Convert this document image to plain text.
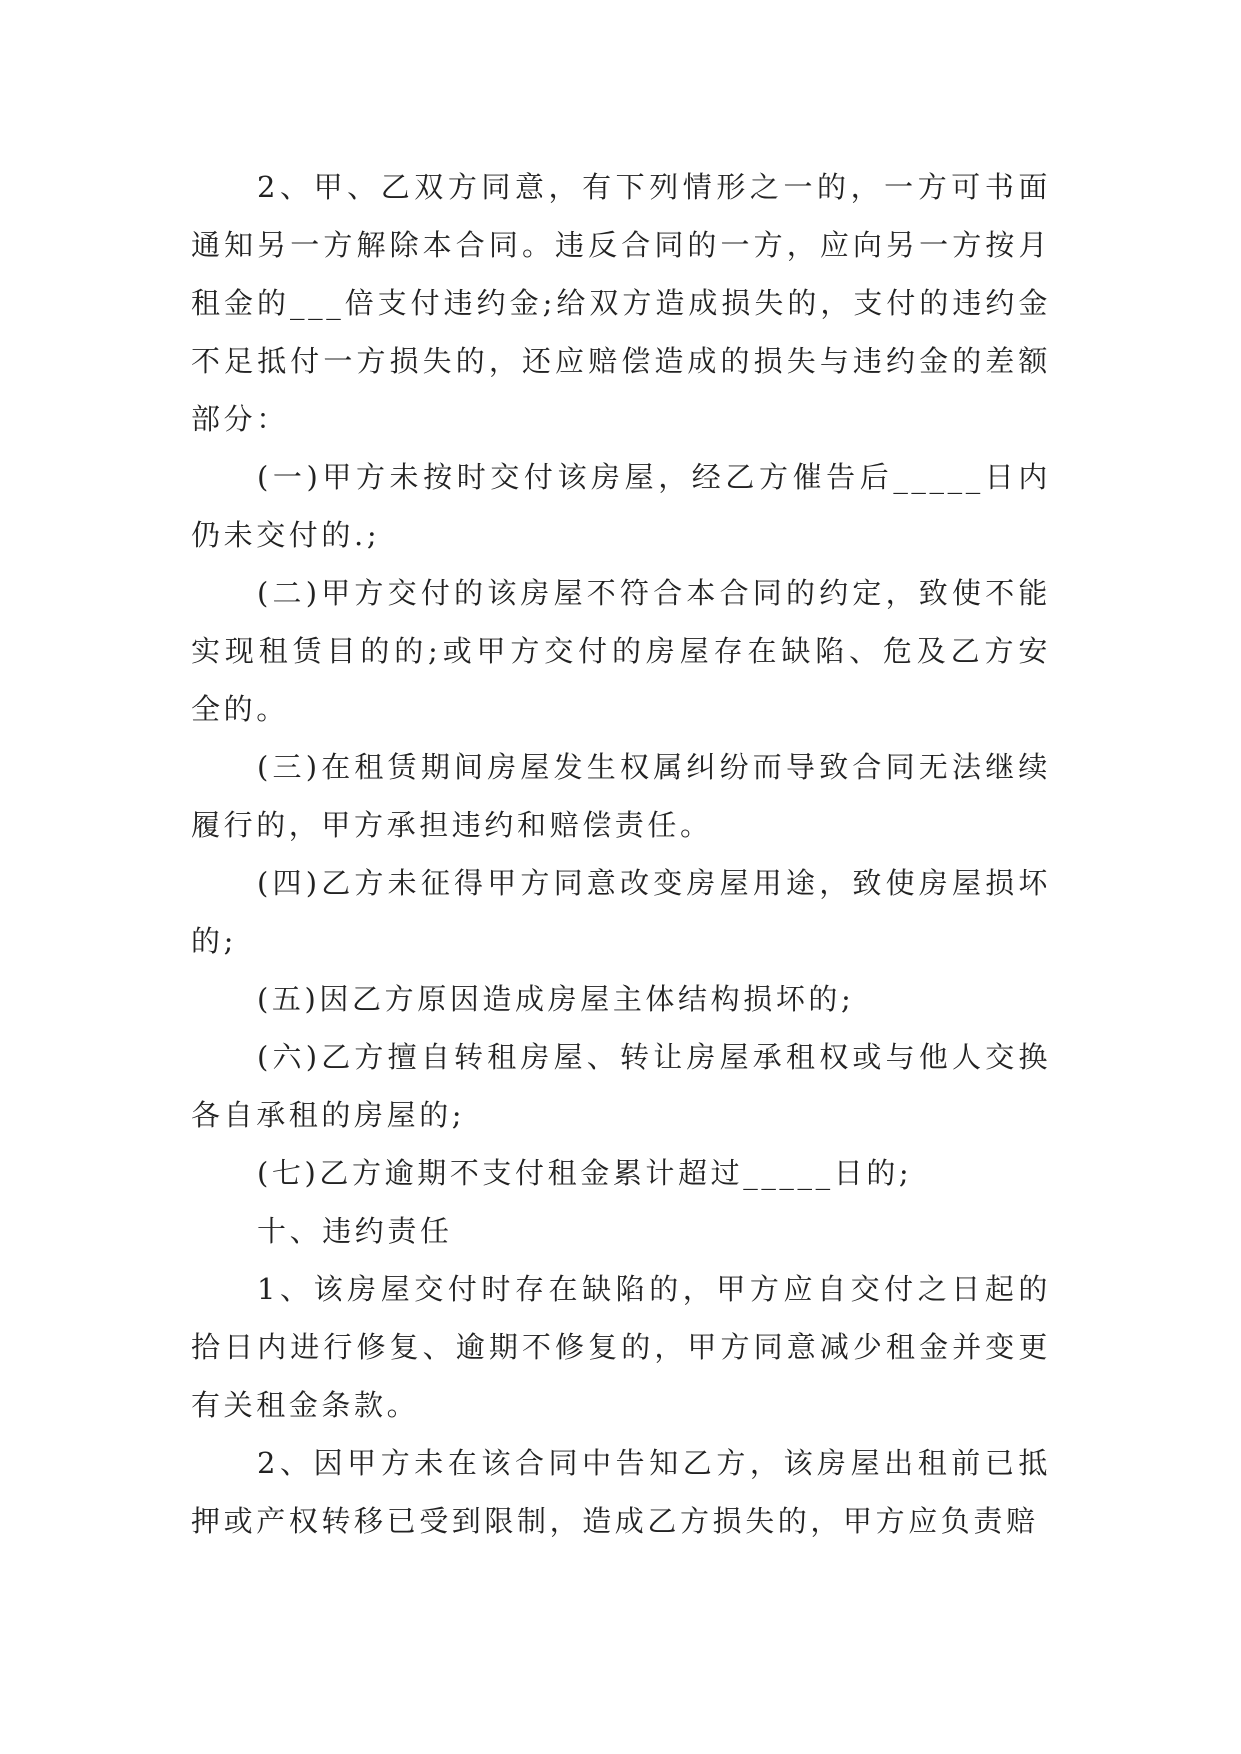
2、甲、乙双方同意，有下列情形之一的，一方可书面通知另一方解除本合同。违反合同的一方，应向另一方按月租金的___倍支付违约金;给双方造成损失的，支付的违约金不足抵付一方损失的，还应赔偿造成的损失与违约金的差额部分：

(一)甲方未按时交付该房屋，经乙方催告后_____日内仍未交付的.;

(二)甲方交付的该房屋不符合本合同的约定，致使不能实现租赁目的的;或甲方交付的房屋存在缺陷、危及乙方安全的。

(三)在租赁期间房屋发生权属纠纷而导致合同无法继续履行的，甲方承担违约和赔偿责任。

(四)乙方未征得甲方同意改变房屋用途，致使房屋损坏的;

(五)因乙方原因造成房屋主体结构损坏的;

(六)乙方擅自转租房屋、转让房屋承租权或与他人交换各自承租的房屋的;

(七)乙方逾期不支付租金累计超过_____日的;

十、违约责任

1、该房屋交付时存在缺陷的，甲方应自交付之日起的拾日内进行修复、逾期不修复的，甲方同意减少租金并变更有关租金条款。

2、因甲方未在该合同中告知乙方，该房屋出租前已抵押或产权转移已受到限制，造成乙方损失的，甲方应负责赔
